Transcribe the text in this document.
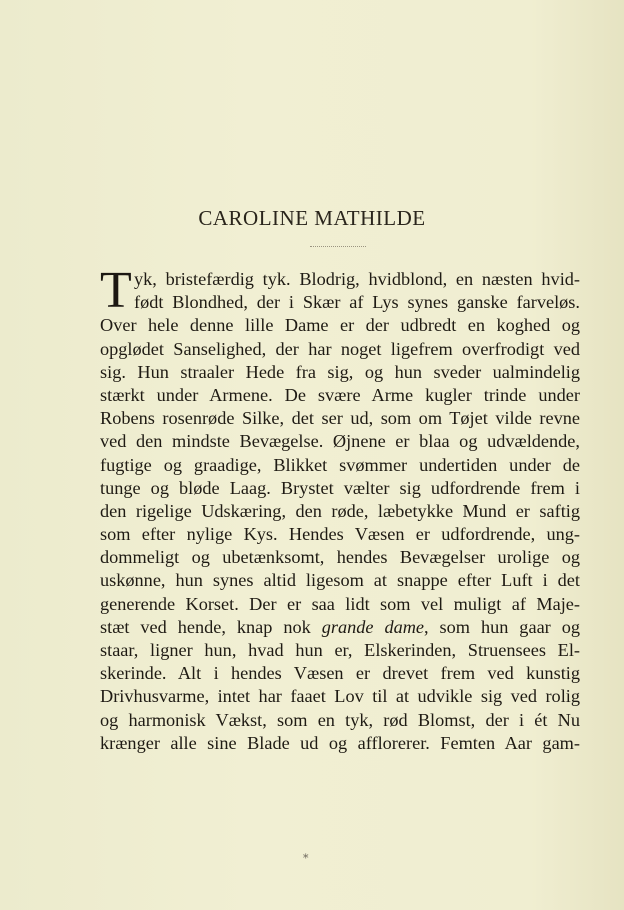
CAROLINE MATHILDE
T yk, bristefærdig tyk. Blodrig, hvidblond, en næsten hvid-
født Blondhed, der i Skær af Lys synes ganske farveløs.
Over hele denne lille Dame er der udbredt en koghed og
opglødet Sanselighed, der har noget ligefrem overfrodigt ved
sig. Hun straaler Hede fra sig, og hun sveder ualmindelig
stærkt under Armene. De svære Arme kugler trinde under
Robens rosenrøde Silke, det ser ud, som om Tøjet vilde revne
ved den mindste Bevægelse. Øjnene er blaa og udvældende,
fugtige og graadige, Blikket svømmer undertiden under de
tunge og bløde Laag. Brystet vælter sig udfordrende frem i
den rigelige Udskæring, den røde, læbetykke Mund er saftig
som efter nylige Kys. Hendes Væsen er udfordrende, ung-
dommeligt og ubetænksomt, hendes Bevægelser urolige og
uskønne, hun synes altid ligesom at snappe efter Luft i det
generende Korset. Der er saa lidt som vel muligt af Maje-
stæt ved hende, knap nok grande dame, som hun gaar og
staar, ligner hun, hvad hun er, Elskerinden, Struensees El-
skerinde. Alt i hendes Væsen er drevet frem ved kunstig
Drivhusvarme, intet har faaet Lov til at udvikle sig ved rolig
og harmonisk Vækst, som en tyk, rød Blomst, der i ét Nu
krænger alle sine Blade ud og afflorerer. Femten Aar gam-
⁎
